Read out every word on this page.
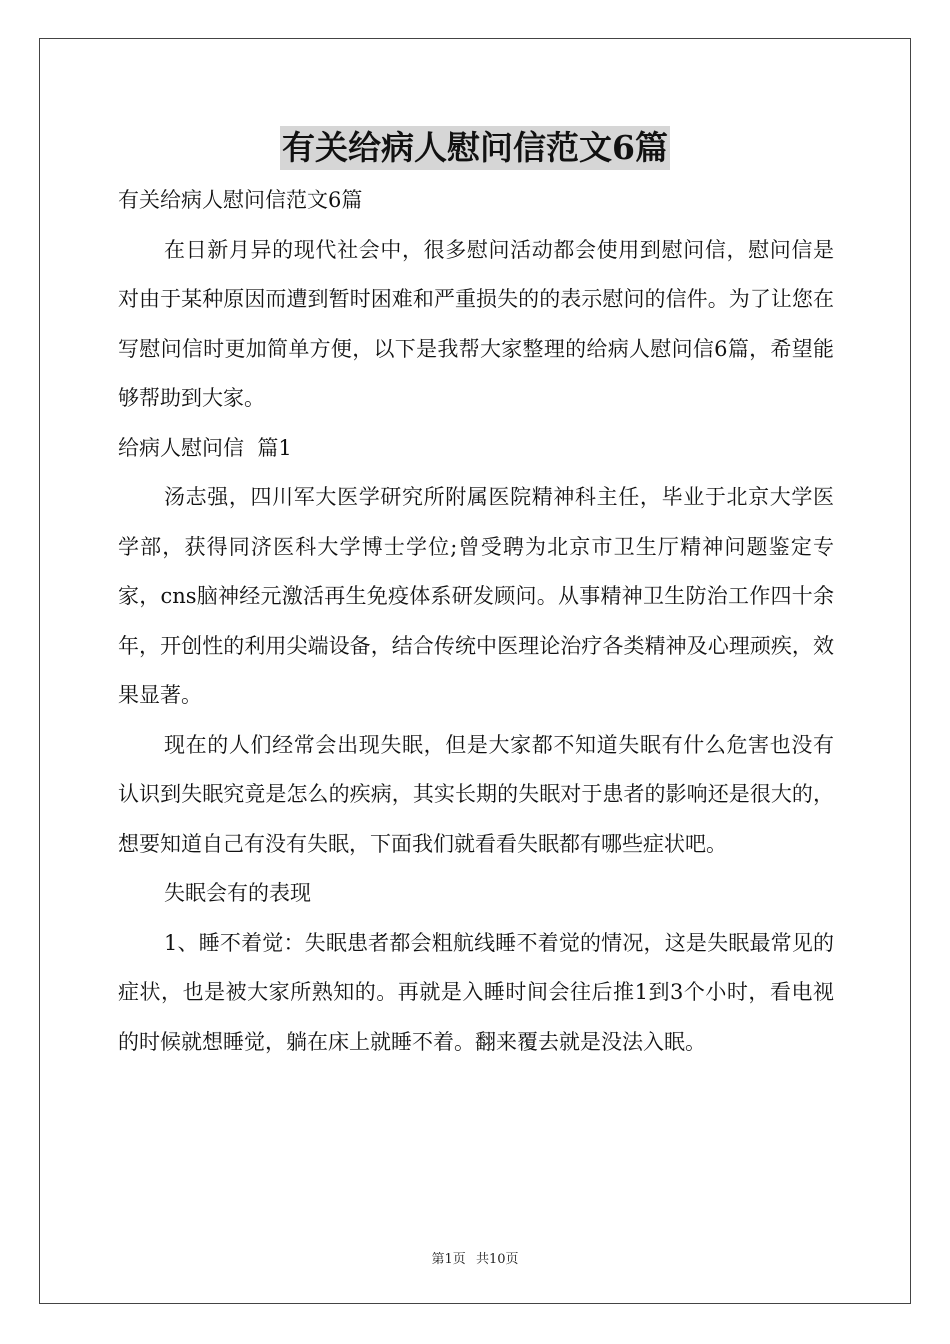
有关给病人慰问信范文6篇

有关给病人慰问信范文6篇

在日新月异的现代社会中，很多慰问活动都会使用到慰问信，慰问信是对由于某种原因而遭到暂时困难和严重损失的的表示慰问的信件。为了让您在写慰问信时更加简单方便，以下是我帮大家整理的给病人慰问信6篇，希望能够帮助到大家。

给病人慰问信  篇1

汤志强，四川军大医学研究所附属医院精神科主任，毕业于北京大学医学部，获得同济医科大学博士学位;曾受聘为北京市卫生厅精神问题鉴定专家，cns脑神经元激活再生免疫体系研发顾问。从事精神卫生防治工作四十余年，开创性的利用尖端设备，结合传统中医理论治疗各类精神及心理顽疾，效果显著。

现在的人们经常会出现失眠，但是大家都不知道失眠有什么危害也没有认识到失眠究竟是怎么的疾病，其实长期的失眠对于患者的影响还是很大的，想要知道自己有没有失眠，下面我们就看看失眠都有哪些症状吧。

失眠会有的表现

1、睡不着觉：失眠患者都会粗航线睡不着觉的情况，这是失眠最常见的症状，也是被大家所熟知的。再就是入睡时间会往后推1到3个小时，看电视的时候就想睡觉，躺在床上就睡不着。翻来覆去就是没法入眠。

第1页 共10页
